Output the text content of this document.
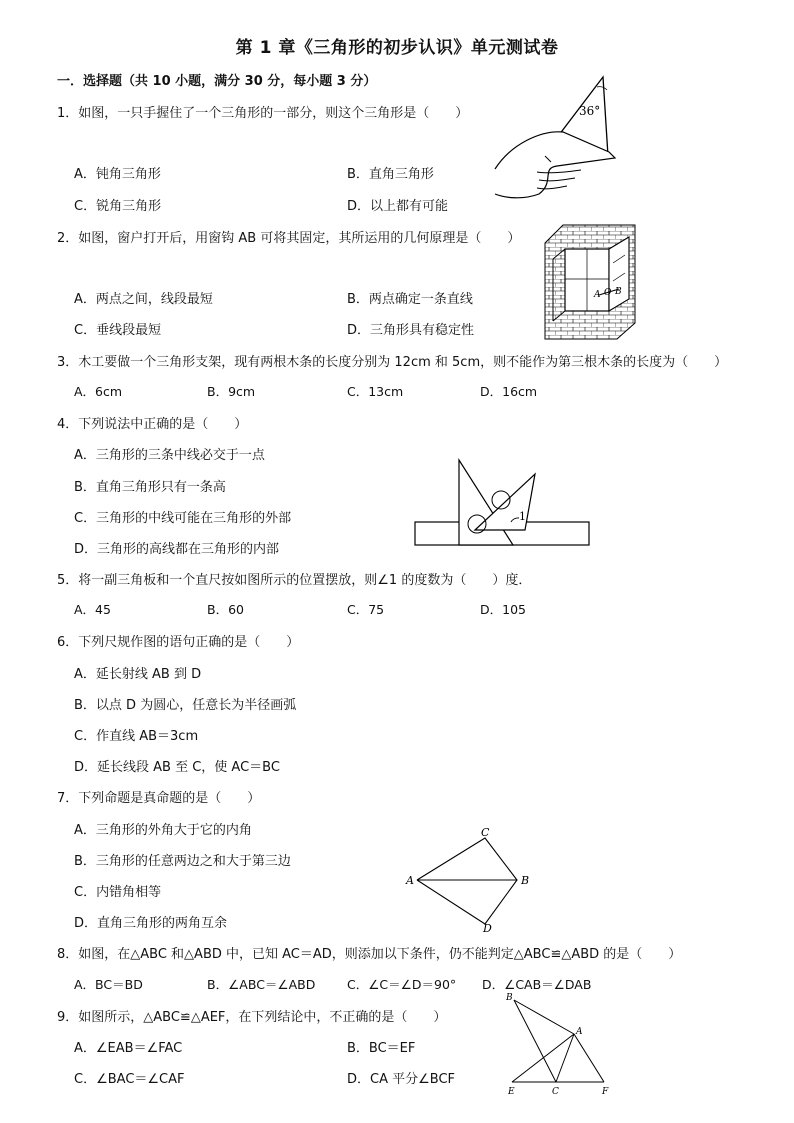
第 1 章《三角形的初步认识》单元测试卷
一．选择题（共 10 小题，满分 30 分，每小题 3 分）
1．如图，一只手握住了一个三角形的一部分，则这个三角形是（　　）
A．钝角三角形	B．直角三角形
C．锐角三角形	D．以上都有可能
36°
2．如图，窗户打开后，用窗钩 AB 可将其固定，其所运用的几何原理是（　　）
A．两点之间，线段最短	B．两点确定一条直线
C．垂线段最短	D．三角形具有稳定性
A O B
3．木工要做一个三角形支架，现有两根木条的长度分别为 12cm 和 5cm，则不能作为第三根木条的长度为（　　）
A．6cm	B．9cm	C．13cm	D．16cm
4．下列说法中正确的是（　　）
A．三角形的三条中线必交于一点
B．直角三角形只有一条高
C．三角形的中线可能在三角形的外部
D．三角形的高线都在三角形的内部
1
5．将一副三角板和一个直尺按如图所示的位置摆放，则∠1 的度数为（　　）度．
A．45	B．60	C．75	D．105
6．下列尺规作图的语句正确的是（　　）
A．延长射线 AB 到 D
B．以点 D 为圆心，任意长为半径画弧
C．作直线 AB＝3cm
D．延长线段 AB 至 C，使 AC＝BC
7．下列命题是真命题的是（　　）
A．三角形的外角大于它的内角
B．三角形的任意两边之和大于第三边
C．内错角相等
D．直角三角形的两角互余
C
A	B
D
8．如图，在△ABC 和△ABD 中，已知 AC＝AD，则添加以下条件，仍不能判定△ABC≌△ABD 的是（　　）
A．BC＝BD	B．∠ABC＝∠ABD	C．∠C＝∠D＝90° D．∠CAB＝∠DAB
9．如图所示，△ABC≌△AEF，在下列结论中，不正确的是（　　）
A．∠EAB＝∠FAC	B．BC＝EF
C．∠BAC＝∠CAF	D．CA 平分∠BCF
B
A
E	C	F
